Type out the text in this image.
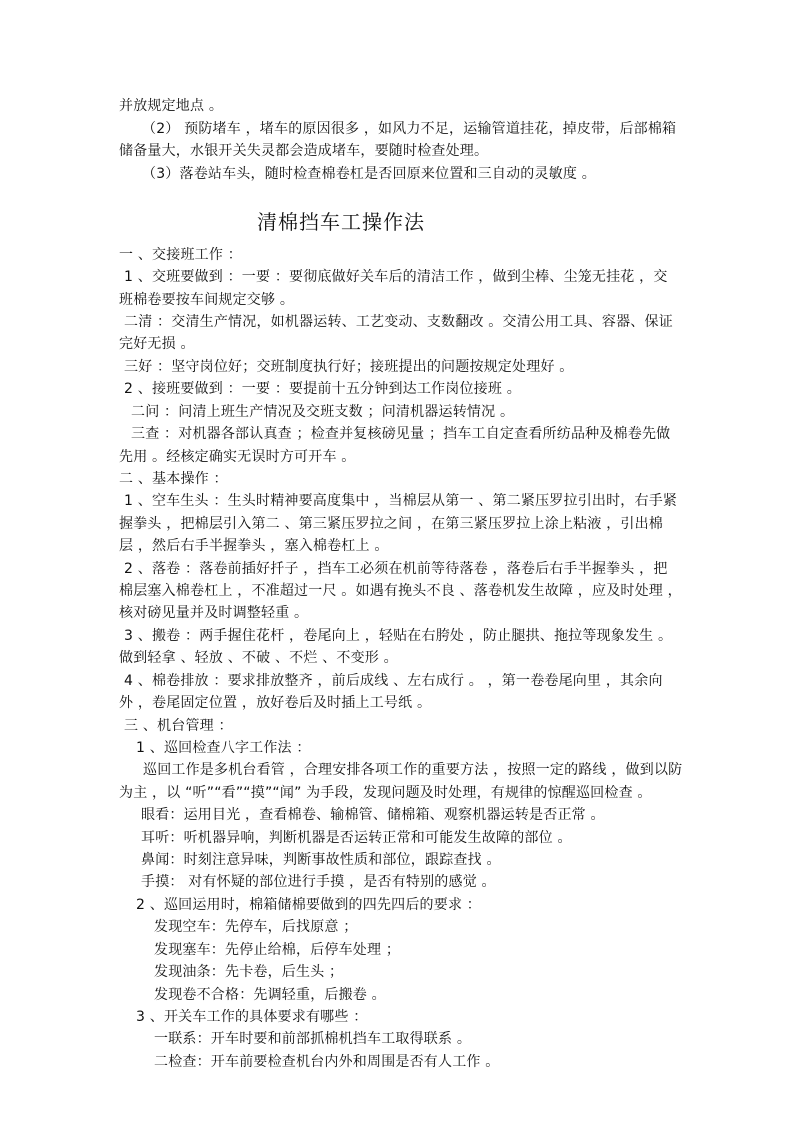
并放规定地点 。
（2） 预防堵车 ，堵车的原因很多 ，如风力不足，运输管道挂花，掉皮带，后部棉箱
储备量大，水银开关失灵都会造成堵车，要随时检查处理。
（3）落卷站车头，随时检查棉卷杠是否回原来位置和三自动的灵敏度 。
清棉挡车工操作法
一 、交接班工作 ：
1 、交班要做到 ：一要 ：要彻底做好关车后的清洁工作 ，做到尘棒、尘笼无挂花 ，交
班棉卷要按车间规定交够 。
二清 ：交清生产情况，如机器运转、工艺变动、支数翻改 。交清公用工具、容器、保证
完好无损 。
三好 ：坚守岗位好；交班制度执行好；接班提出的问题按规定处理好 。
2 、接班要做到 ：一要 ：要提前十五分钟到达工作岗位接班 。
二问 ：问清上班生产情况及交班支数 ；问清机器运转情况 。
三查 ：对机器各部认真查 ；检查并复核磅见量 ；挡车工自定查看所纺品种及棉卷先做
先用 。经核定确实无误时方可开车 。
二 、基本操作 ：
1 、空车生头 ：生头时精神要高度集中 ，当棉层从第一 、第二紧压罗拉引出时，右手紧
握拳头 ，把棉层引入第二 、第三紧压罗拉之间 ，在第三紧压罗拉上涂上粘液 ，引出棉
层 ，然后右手半握拳头 ，塞入棉卷杠上 。
2 、落卷 ：落卷前插好扦子 ，挡车工必须在机前等待落卷 ，落卷后右手半握拳头 ，把
棉层塞入棉卷杠上 ，不准超过一尺 。如遇有挽头不良 、落卷机发生故障 ，应及时处理 ，
核对磅见量并及时调整轻重 。
3 、搬卷 ：两手握住花杆 ，卷尾向上 ，轻贴在右胯处 ，防止腿拱、拖拉等现象发生 。
做到轻拿 、轻放 、不破 、不烂 、不变形 。
4 、棉卷排放 ：要求排放整齐 ，前后成线 、左右成行 。 ，第一卷卷尾向里 ，其余向
外 ，卷尾固定位置 ，放好卷后及时插上工号纸 。
三 、机台管理 ：
1 、巡回检查八字工作法 ：
巡回工作是多机台看管 ，合理安排各项工作的重要方法 ，按照一定的路线 ，做到以防
为主 ，以 “听”“看”“摸”“闻” 为手段，发现问题及时处理，有规律的惊醒巡回检查 。
眼看：运用目光 ，查看棉卷、输棉管、储棉箱、观察机器运转是否正常 。
耳听：听机器异响，判断机器是否运转正常和可能发生故障的部位 。
鼻闻：时刻注意异味，判断事故性质和部位，跟踪查找 。
手摸： 对有怀疑的部位进行手摸 ，是否有特别的感觉 。
2 、巡回运用时，棉箱储棉要做到的四先四后的要求 ：
发现空车：先停车，后找原意 ；
发现塞车：先停止给棉，后停车处理 ；
发现油条：先卡卷，后生头 ；
发现卷不合格：先调轻重，后搬卷 。
3 、开关车工作的具体要求有哪些 ：
一联系：开车时要和前部抓棉机挡车工取得联系 。
二检查：开车前要检查机台内外和周围是否有人工作 。
